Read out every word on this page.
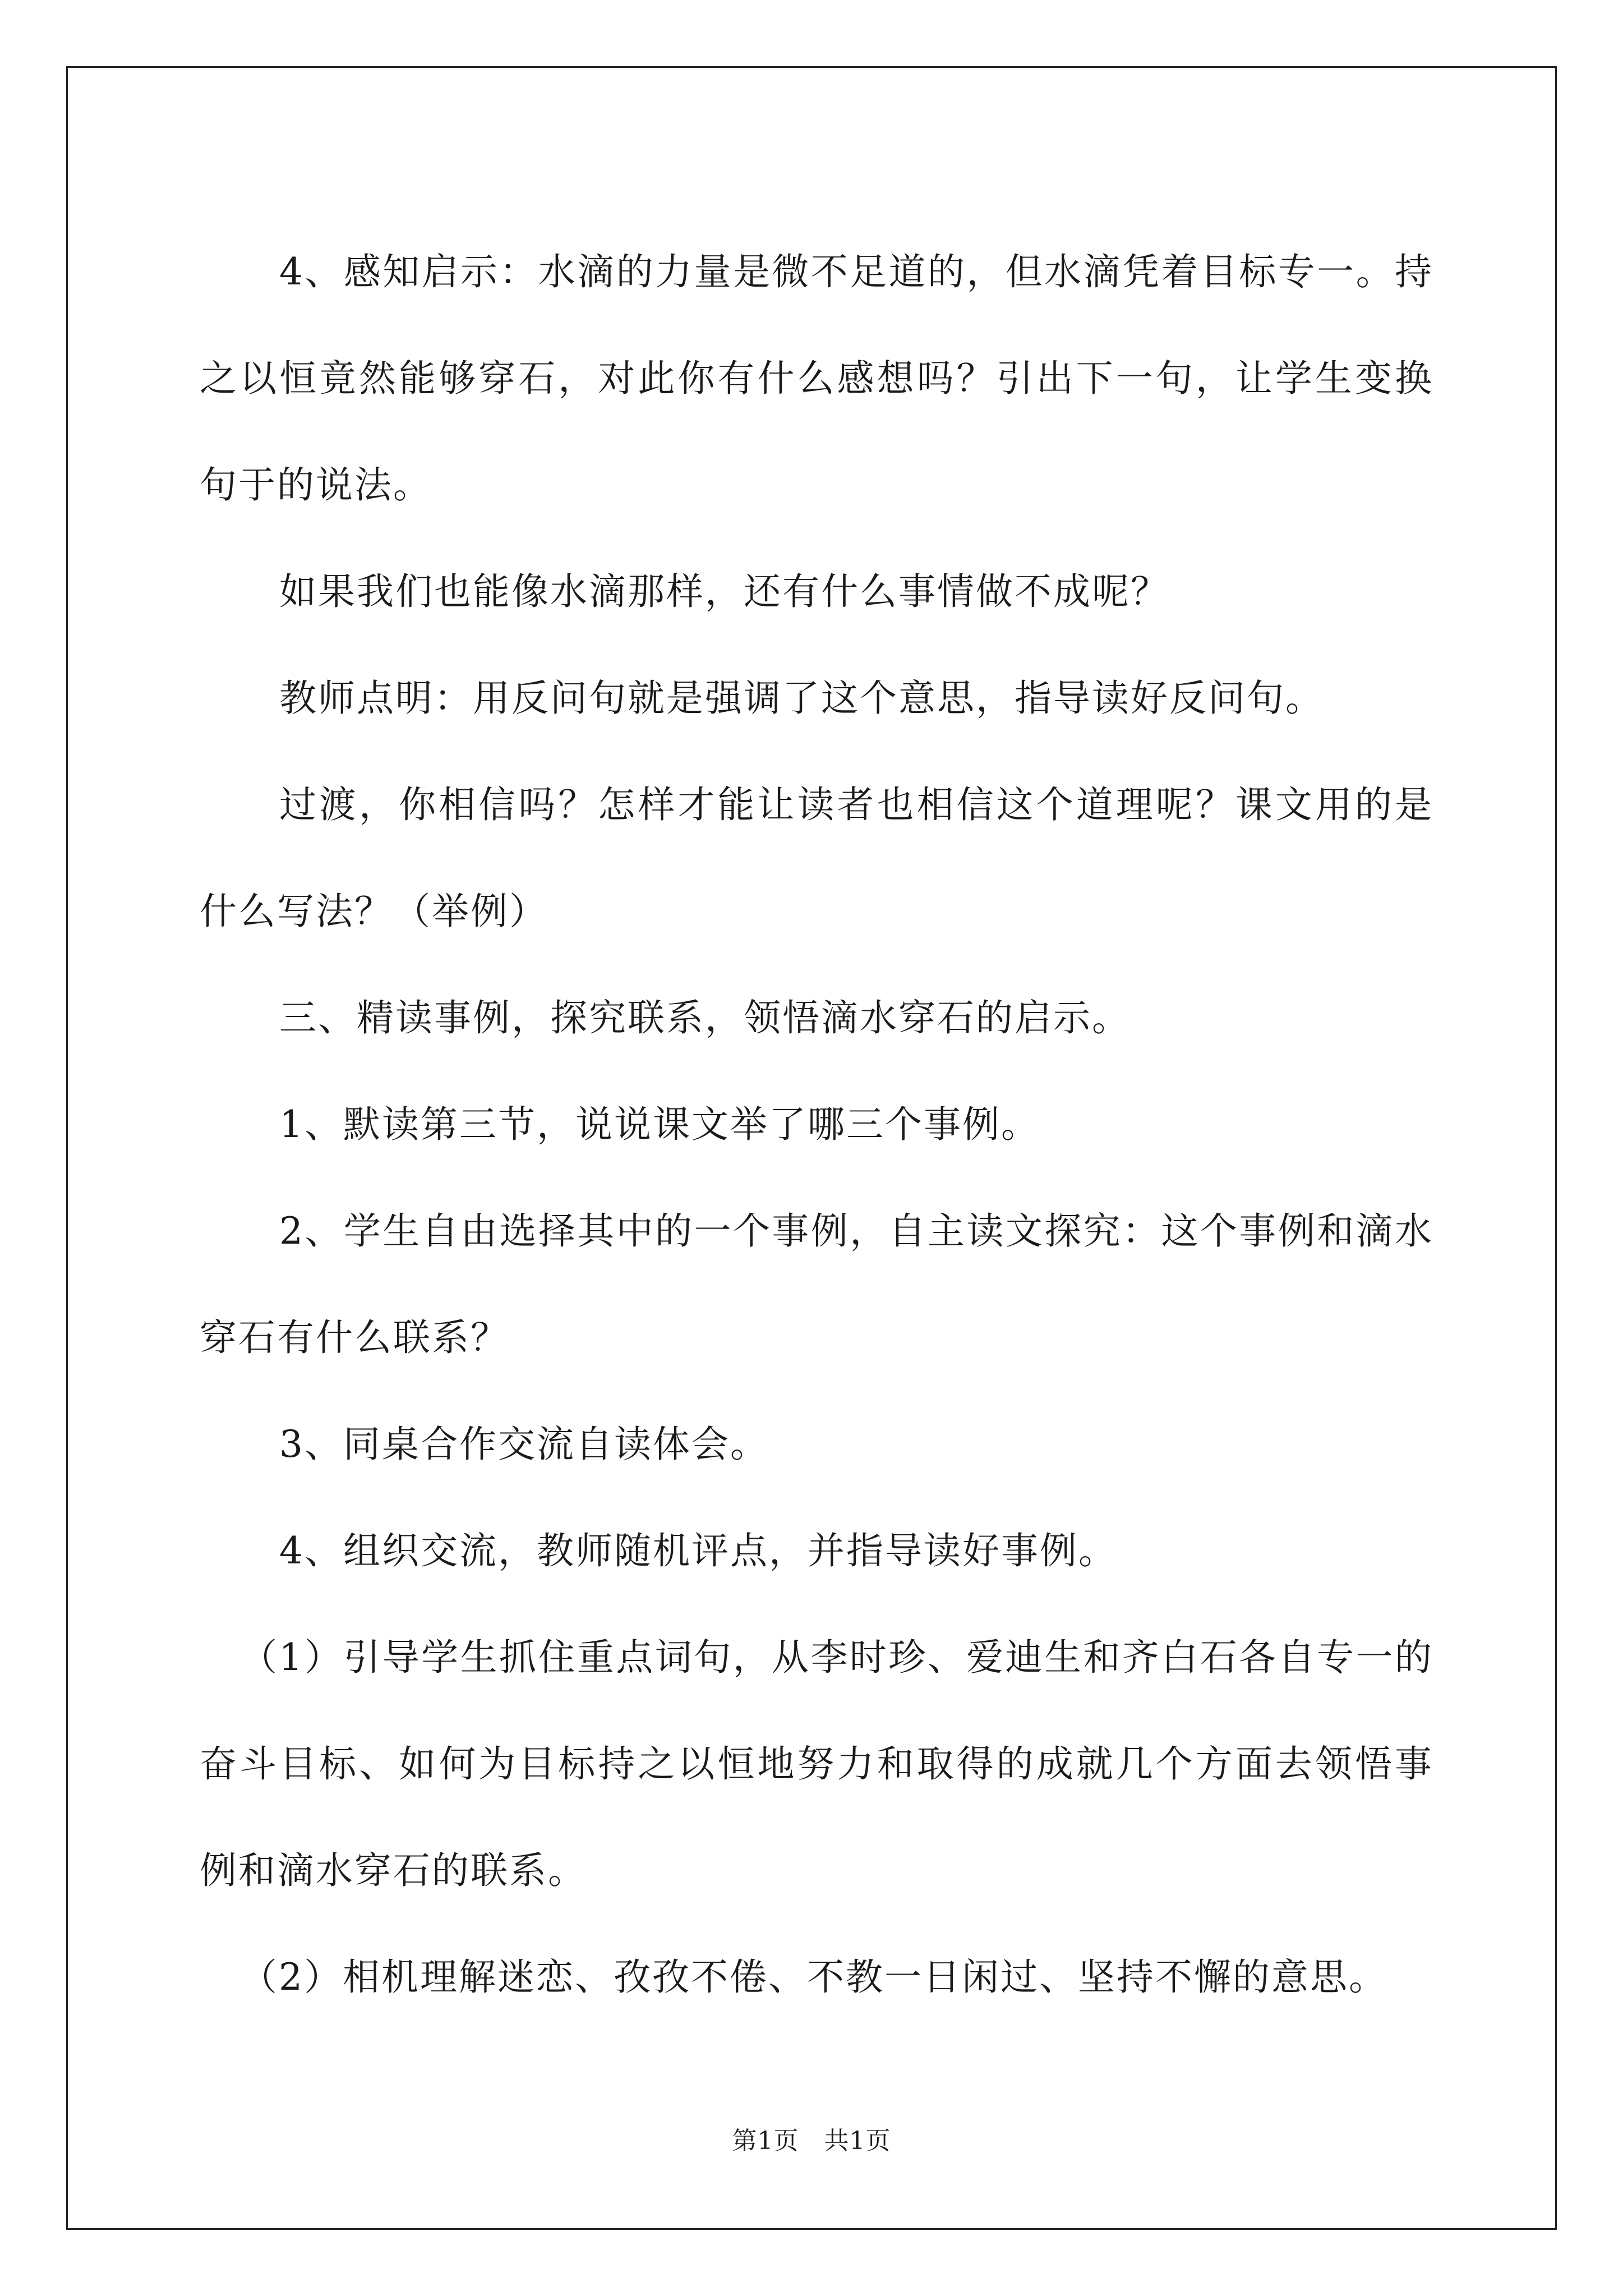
4、感知启示：水滴的力量是微不足道的，但水滴凭着目标专一。持之以恒竟然能够穿石，对此你有什么感想吗？引出下一句，让学生变换句于的说法。

如果我们也能像水滴那样，还有什么事情做不成呢？

教师点明：用反问句就是强调了这个意思，指导读好反问句。

过渡，你相信吗？怎样才能让读者也相信这个道理呢？课文用的是什么写法？（举例）

三、精读事例，探究联系，领悟滴水穿石的启示。

1、默读第三节，说说课文举了哪三个事例。

2、学生自由选择其中的一个事例，自主读文探究：这个事例和滴水穿石有什么联系？

3、同桌合作交流自读体会。

4、组织交流，教师随机评点，并指导读好事例。

（1）引导学生抓住重点词句，从李时珍、爱迪生和齐白石各自专一的奋斗目标、如何为目标持之以恒地努力和取得的成就几个方面去领悟事例和滴水穿石的联系。

（2）相机理解迷恋、孜孜不倦、不教一日闲过、坚持不懈的意思。

第1页　共1页
